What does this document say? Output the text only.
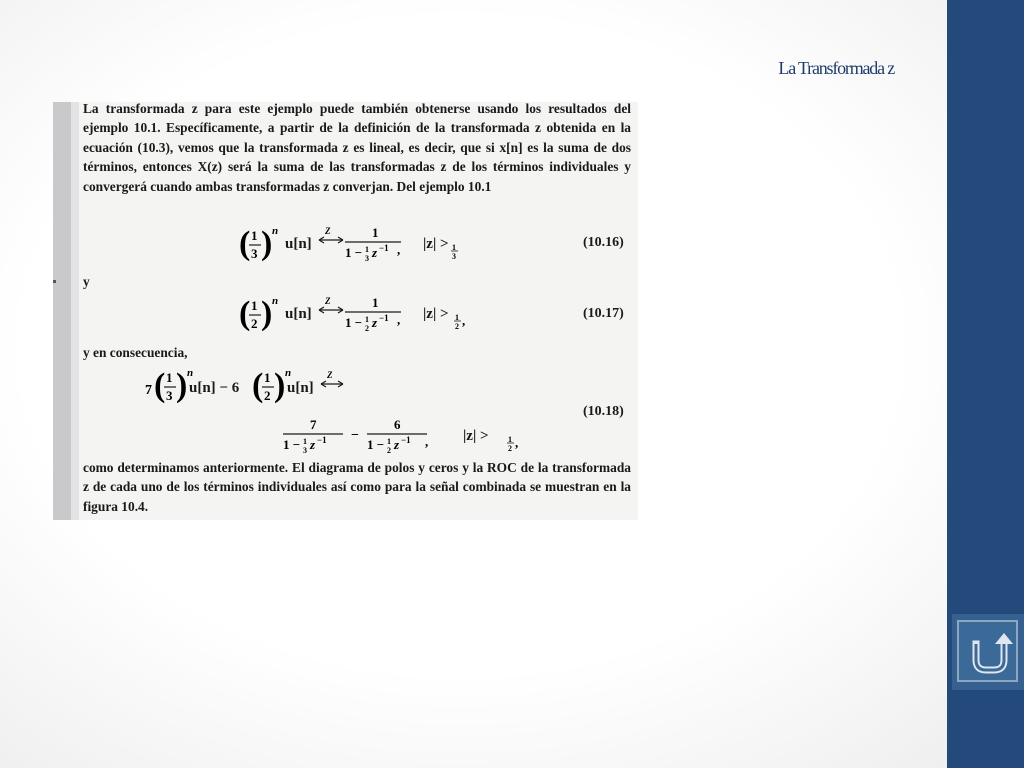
La Transformada z

La transformada z para este ejemplo puede también obtenerse usando los resultados del ejemplo 10.1. Específicamente, a partir de la definición de la transformada z obtenida en la ecuación (10.3), vemos que la transformada z es lineal, es decir, que si x[n] es la suma de dos términos, entonces X(z) será la suma de las transformadas z de los términos individuales y convergerá cuando ambas transformadas z converjan. Del ejemplo 10.1

( 1
3 ) n	Z	1
1 − 1
3 z −1 ,	1
3
u[n]	|z| >	(10.16)

y

( 1
2 ) n	Z	1
1 − 1
2 z −1 ,	1
2 ,
u[n]	|z| >	(10.17)

y en consecuencia,

7 ( 1
3 ) n ( 1
2 ) n	Z
u[n] − 6	u[n]
(10.18)
7
1 − 1
3 z −1 −
6
1 − 1
2 z −1 ,	1
2 ,
|z| >

como determinamos anteriormente. El diagrama de polos y ceros y la ROC de la transformada z de cada uno de los términos individuales así como para la señal combinada se muestran en la figura 10.4.
